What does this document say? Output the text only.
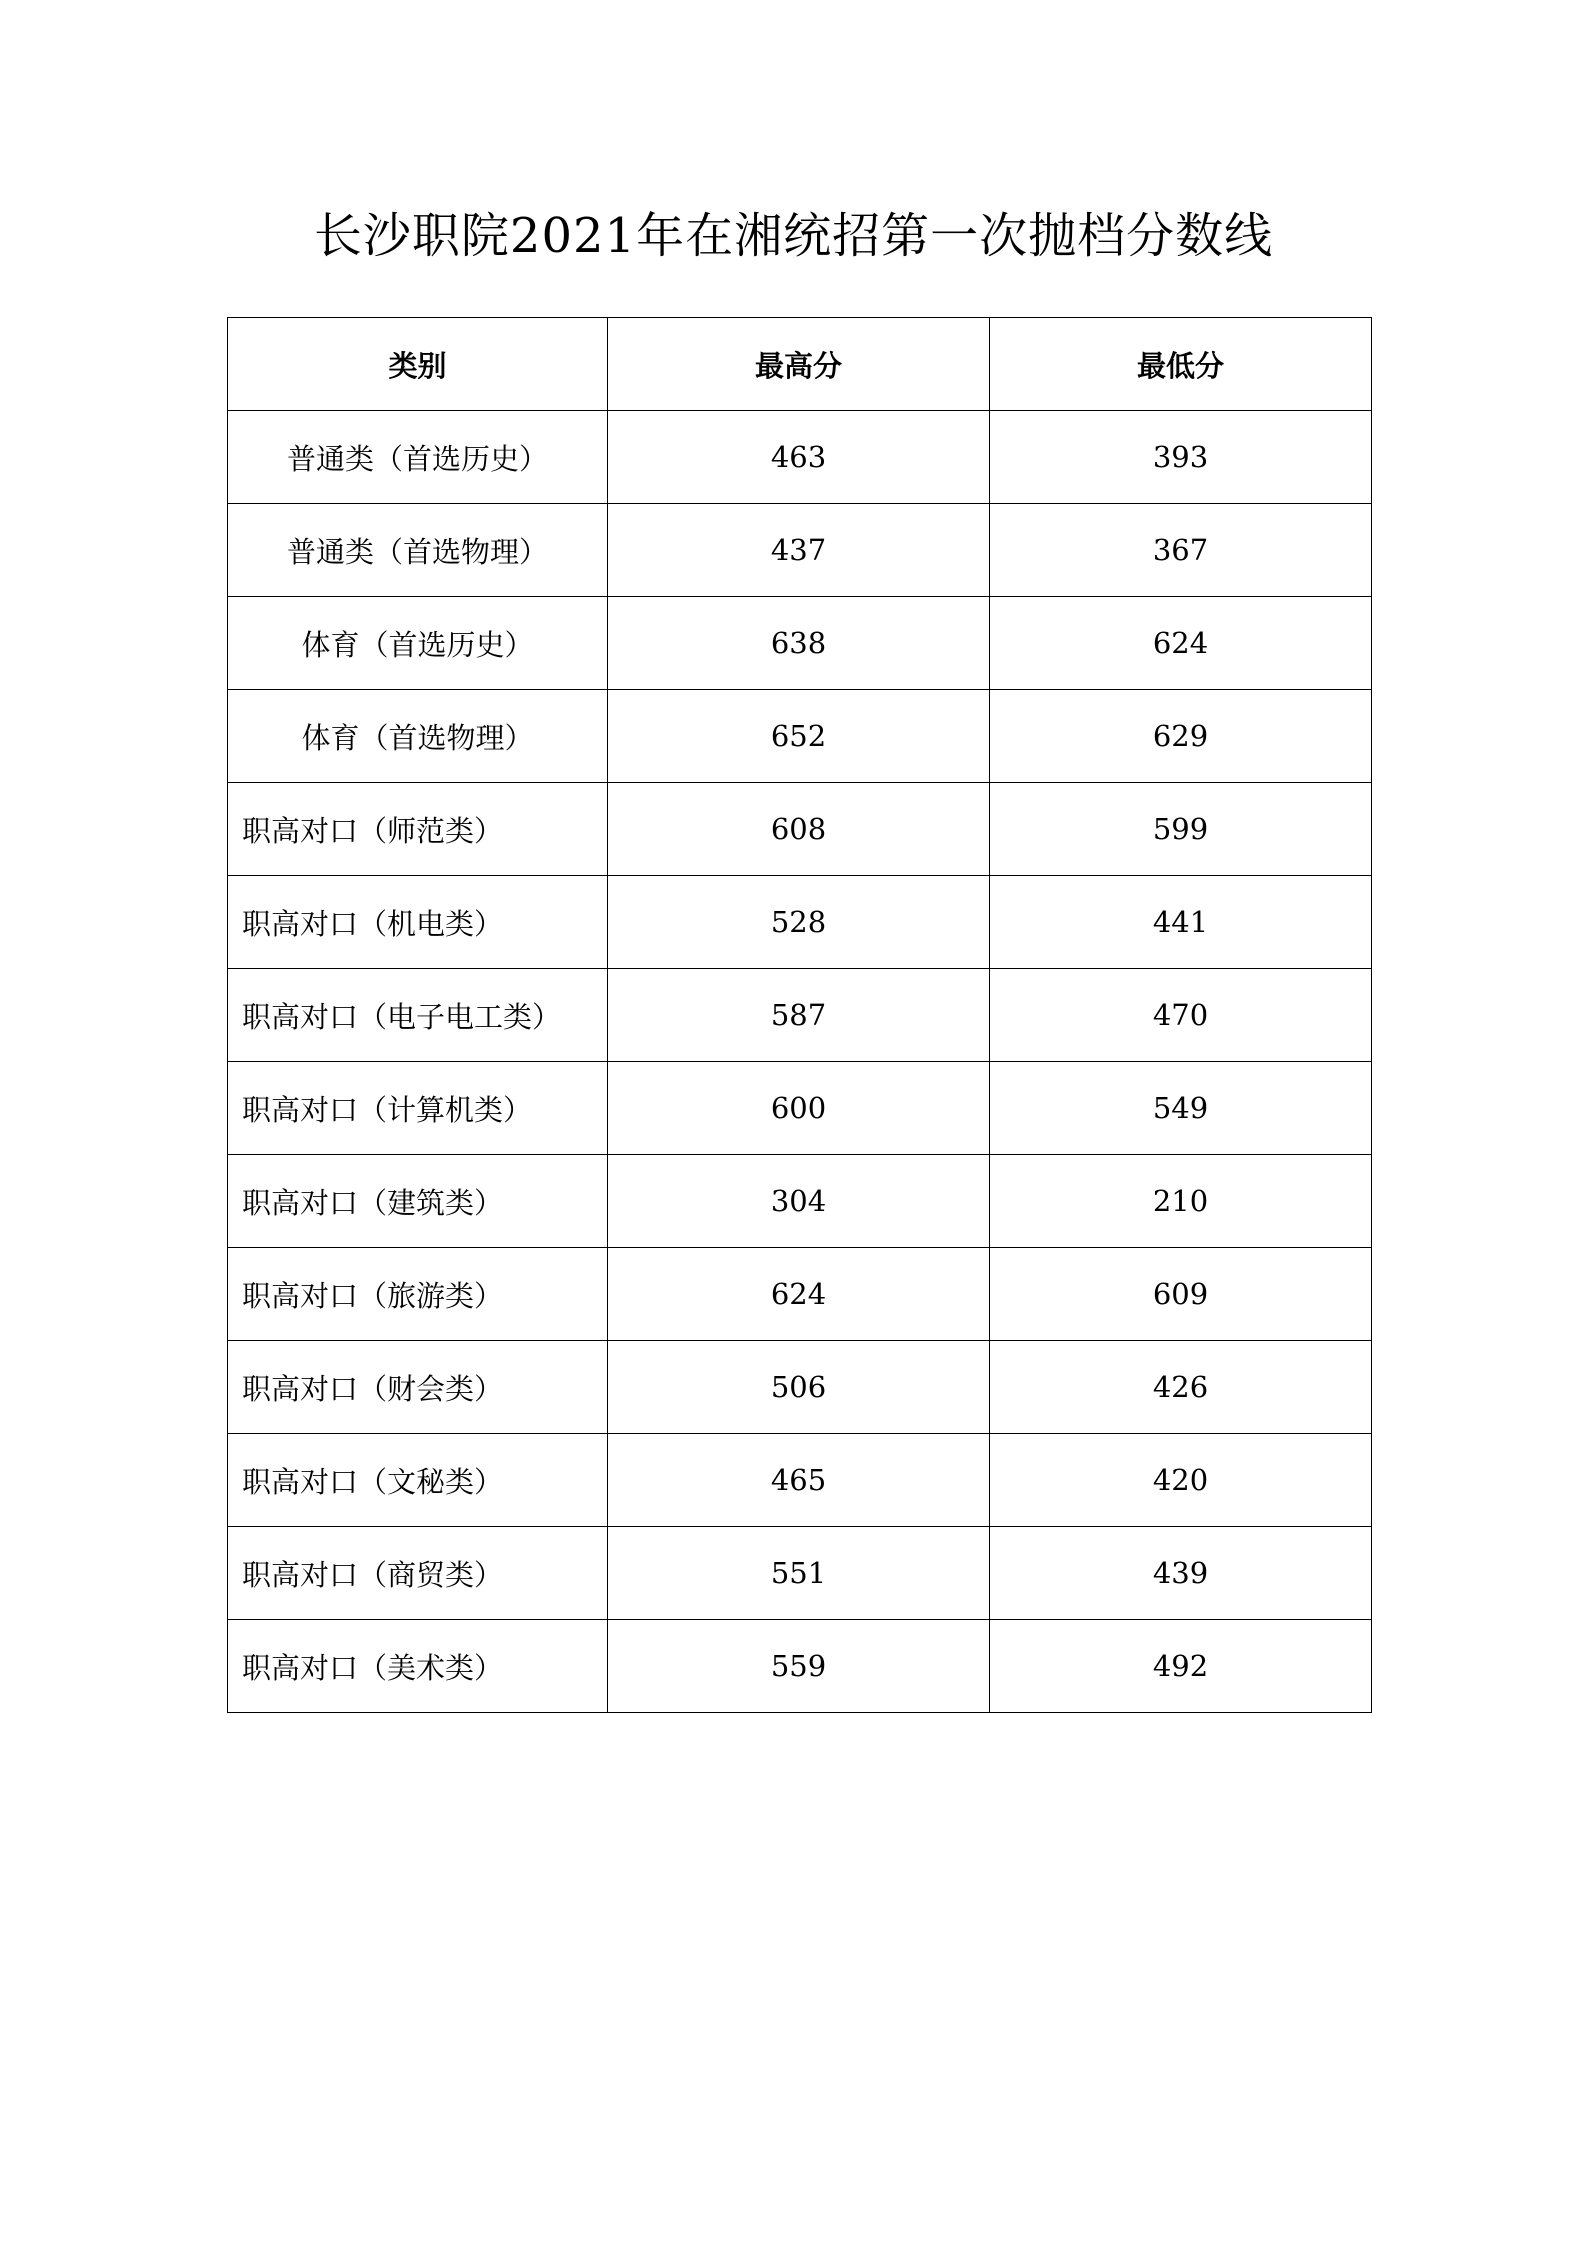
长沙职院2021年在湘统招第一次抛档分数线
类别	最高分	最低分
普通类（首选历史）	463	393
普通类（首选物理）	437	367
体育（首选历史）	638	624
体育（首选物理）	652	629
职高对口（师范类）	608	599
职高对口（机电类）	528	441
职高对口（电子电工类）	587	470
职高对口（计算机类）	600	549
职高对口（建筑类）	304	210
职高对口（旅游类）	624	609
职高对口（财会类）	506	426
职高对口（文秘类）	465	420
职高对口（商贸类）	551	439
职高对口（美术类）	559	492
